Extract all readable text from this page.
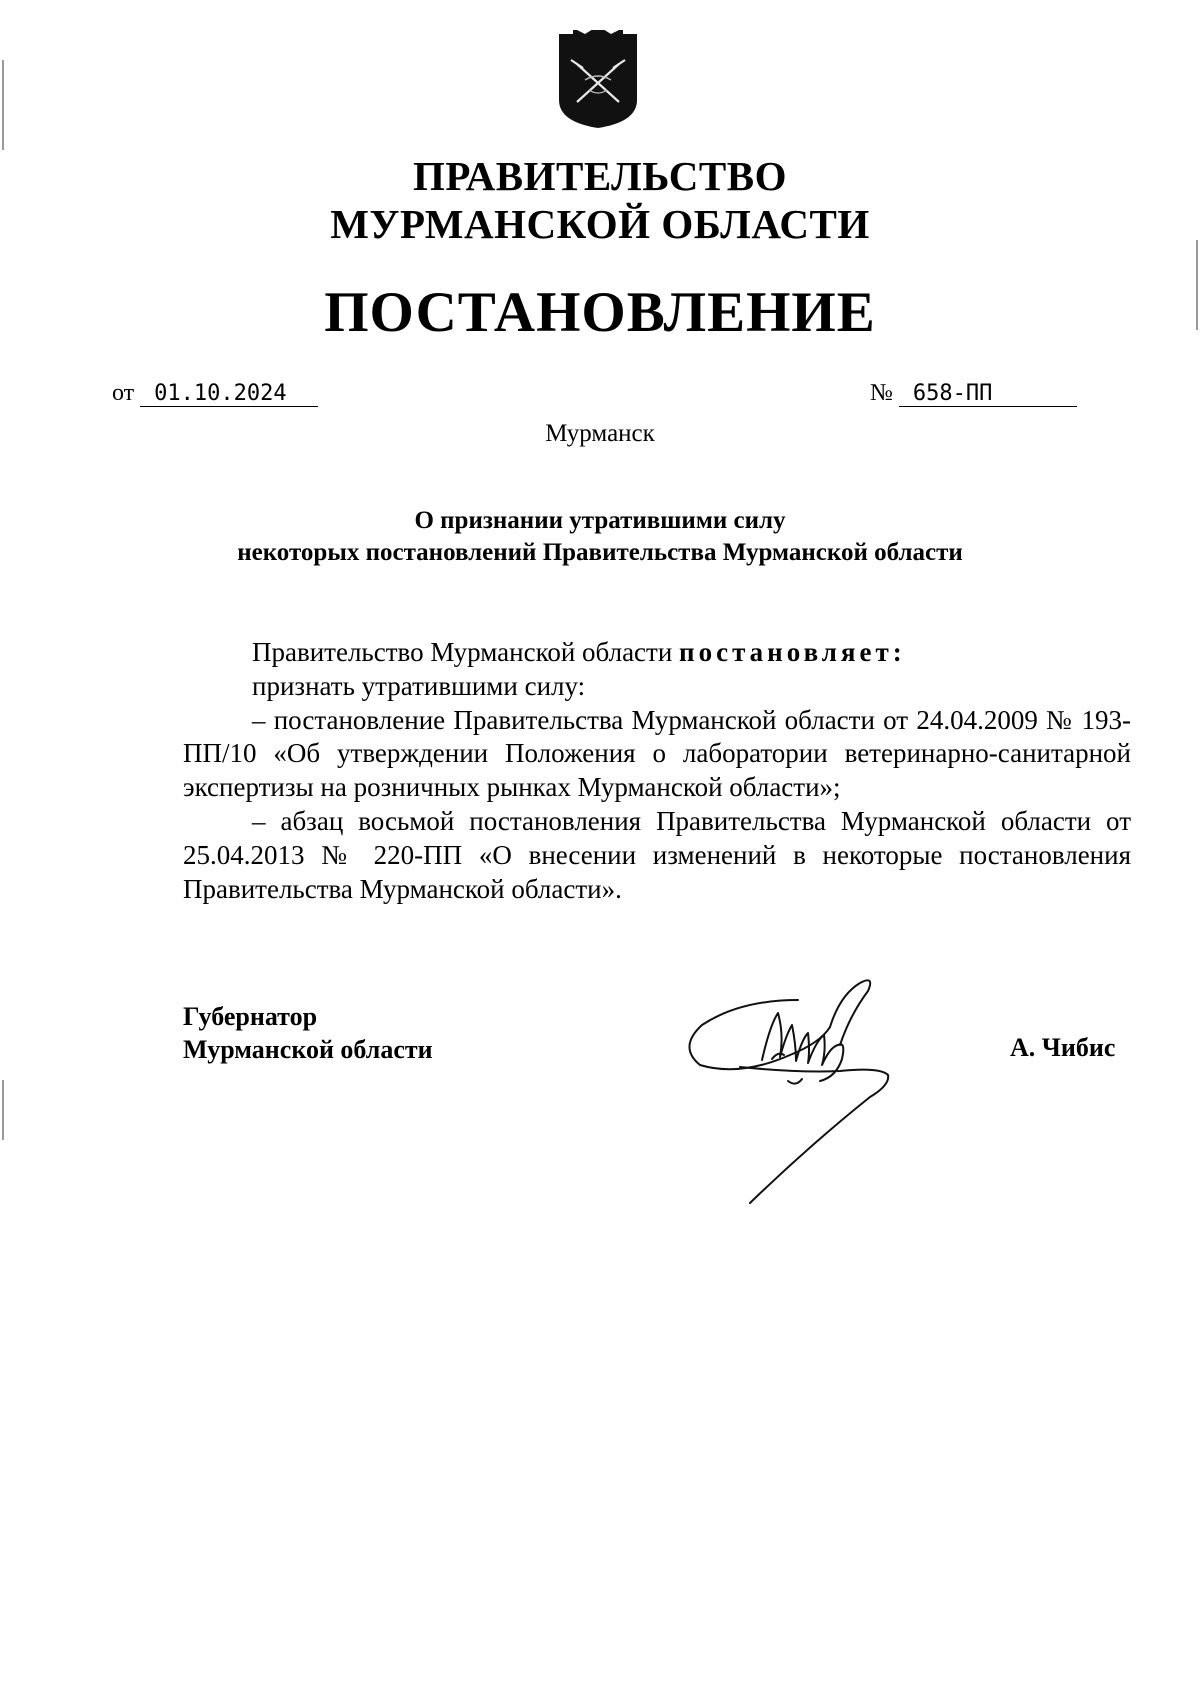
ПРАВИТЕЛЬСТВО
МУРМАНСКОЙ ОБЛАСТИ
ПОСТАНОВЛЕНИЕ
от 01.10.2024	№ 658-ПП
Мурманск
О признании утратившими силу
некоторых постановлений Правительства Мурманской области

Правительство Мурманской области постановляет:

признать утратившими силу:

– постановление Правительства Мурманской области от 24.04.2009 № 193-ПП/10 «Об утверждении Положения о лаборатории ветеринарно-санитарной экспертизы на розничных рынках Мурманской области»;

– абзац восьмой постановления Правительства Мурманской области от 25.04.2013 № 220-ПП «О внесении изменений в некоторые постановления Правительства Мурманской области».

Губернатор
Мурманской области	А. Чибис
